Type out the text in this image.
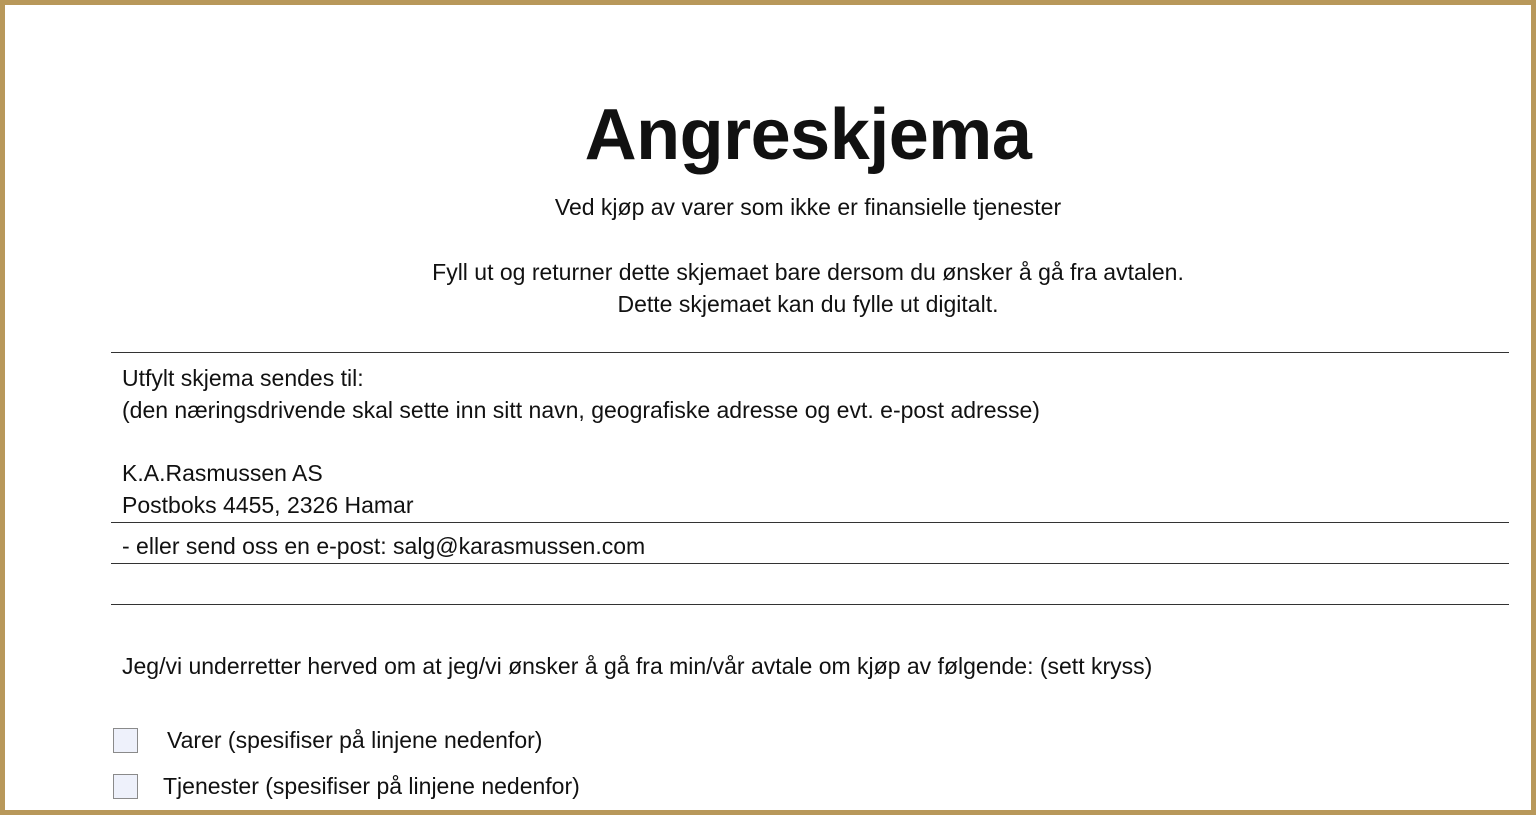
Angreskjema
Ved kjøp av varer som ikke er finansielle tjenester
Fyll ut og returner dette skjemaet bare dersom du ønsker å gå fra avtalen.
Dette skjemaet kan du fylle ut digitalt.
Utfylt skjema sendes til:
(den næringsdrivende skal sette inn sitt navn, geografiske adresse og evt. e-post adresse)
K.A.Rasmussen AS
Postboks 4455, 2326 Hamar
- eller send oss en e-post: salg@karasmussen.com
Jeg/vi underretter herved om at jeg/vi ønsker å gå fra min/vår avtale om kjøp av følgende: (sett kryss)
Varer (spesifiser på linjene nedenfor)
Tjenester (spesifiser på linjene nedenfor)
